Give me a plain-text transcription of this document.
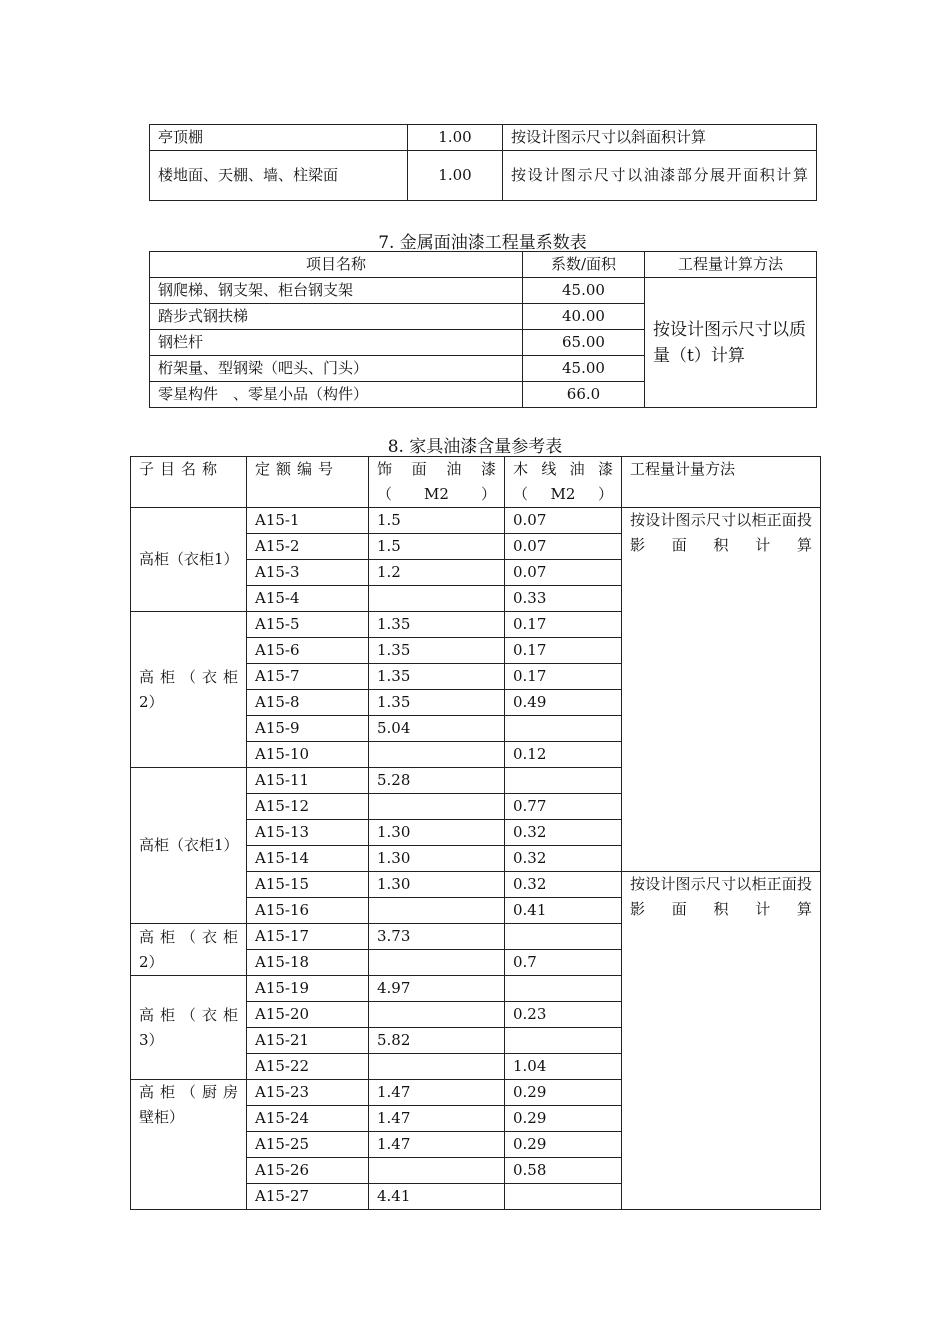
亭顶棚	1.00	按设计图示尺寸以斜面积计算
楼地面、天棚、墙、柱梁面	1.00	按设计图示尺寸以油漆部分展开面积计算
7. 金属面油漆工程量系数表
项目名称	系数/面积	工程量计算方法
钢爬梯、钢支架、柜台钢支架	45.00	按设计图示尺寸以质量（t）计算
踏步式钢扶梯	40.00	
钢栏杆	65.00	
桁架量、型钢梁（吧头、门头）	45.00	
零星构件　、零星小品（构件）	66.0	
8. 家具油漆含量参考表
子目名称	定额编号	饰 面 油 漆（M2）	木 线 油 漆（M2）	工程量计量方法
高柜（衣柜1）	A15-1	1.5	0.07	按设计图示尺寸以柜正面投影面积计算
	A15-2	1.5	0.07	
	A15-3	1.2	0.07	
	A15-4		0.33	
高 柜 （ 衣 柜 2）	A15-5	1.35	0.17	
	A15-6	1.35	0.17	
	A15-7	1.35	0.17	
	A15-8	1.35	0.49	
	A15-9	5.04		
	A15-10		0.12	
高柜（衣柜1）	A15-11	5.28		
	A15-12		0.77	
	A15-13	1.30	0.32	
	A15-14	1.30	0.32	
	A15-15	1.30	0.32	按设计图示尺寸以柜正面投影面积计算
	A15-16		0.41	
高 柜 （ 衣 柜 2）	A15-17	3.73		
	A15-18		0.7	
高 柜 （ 衣 柜 3）	A15-19	4.97		
	A15-20		0.23	
	A15-21	5.82		
	A15-22		1.04	
高 柜 （ 厨 房 壁柜）	A15-23	1.47	0.29	
	A15-24	1.47	0.29	
	A15-25	1.47	0.29	
	A15-26		0.58	
	A15-27	4.41		
